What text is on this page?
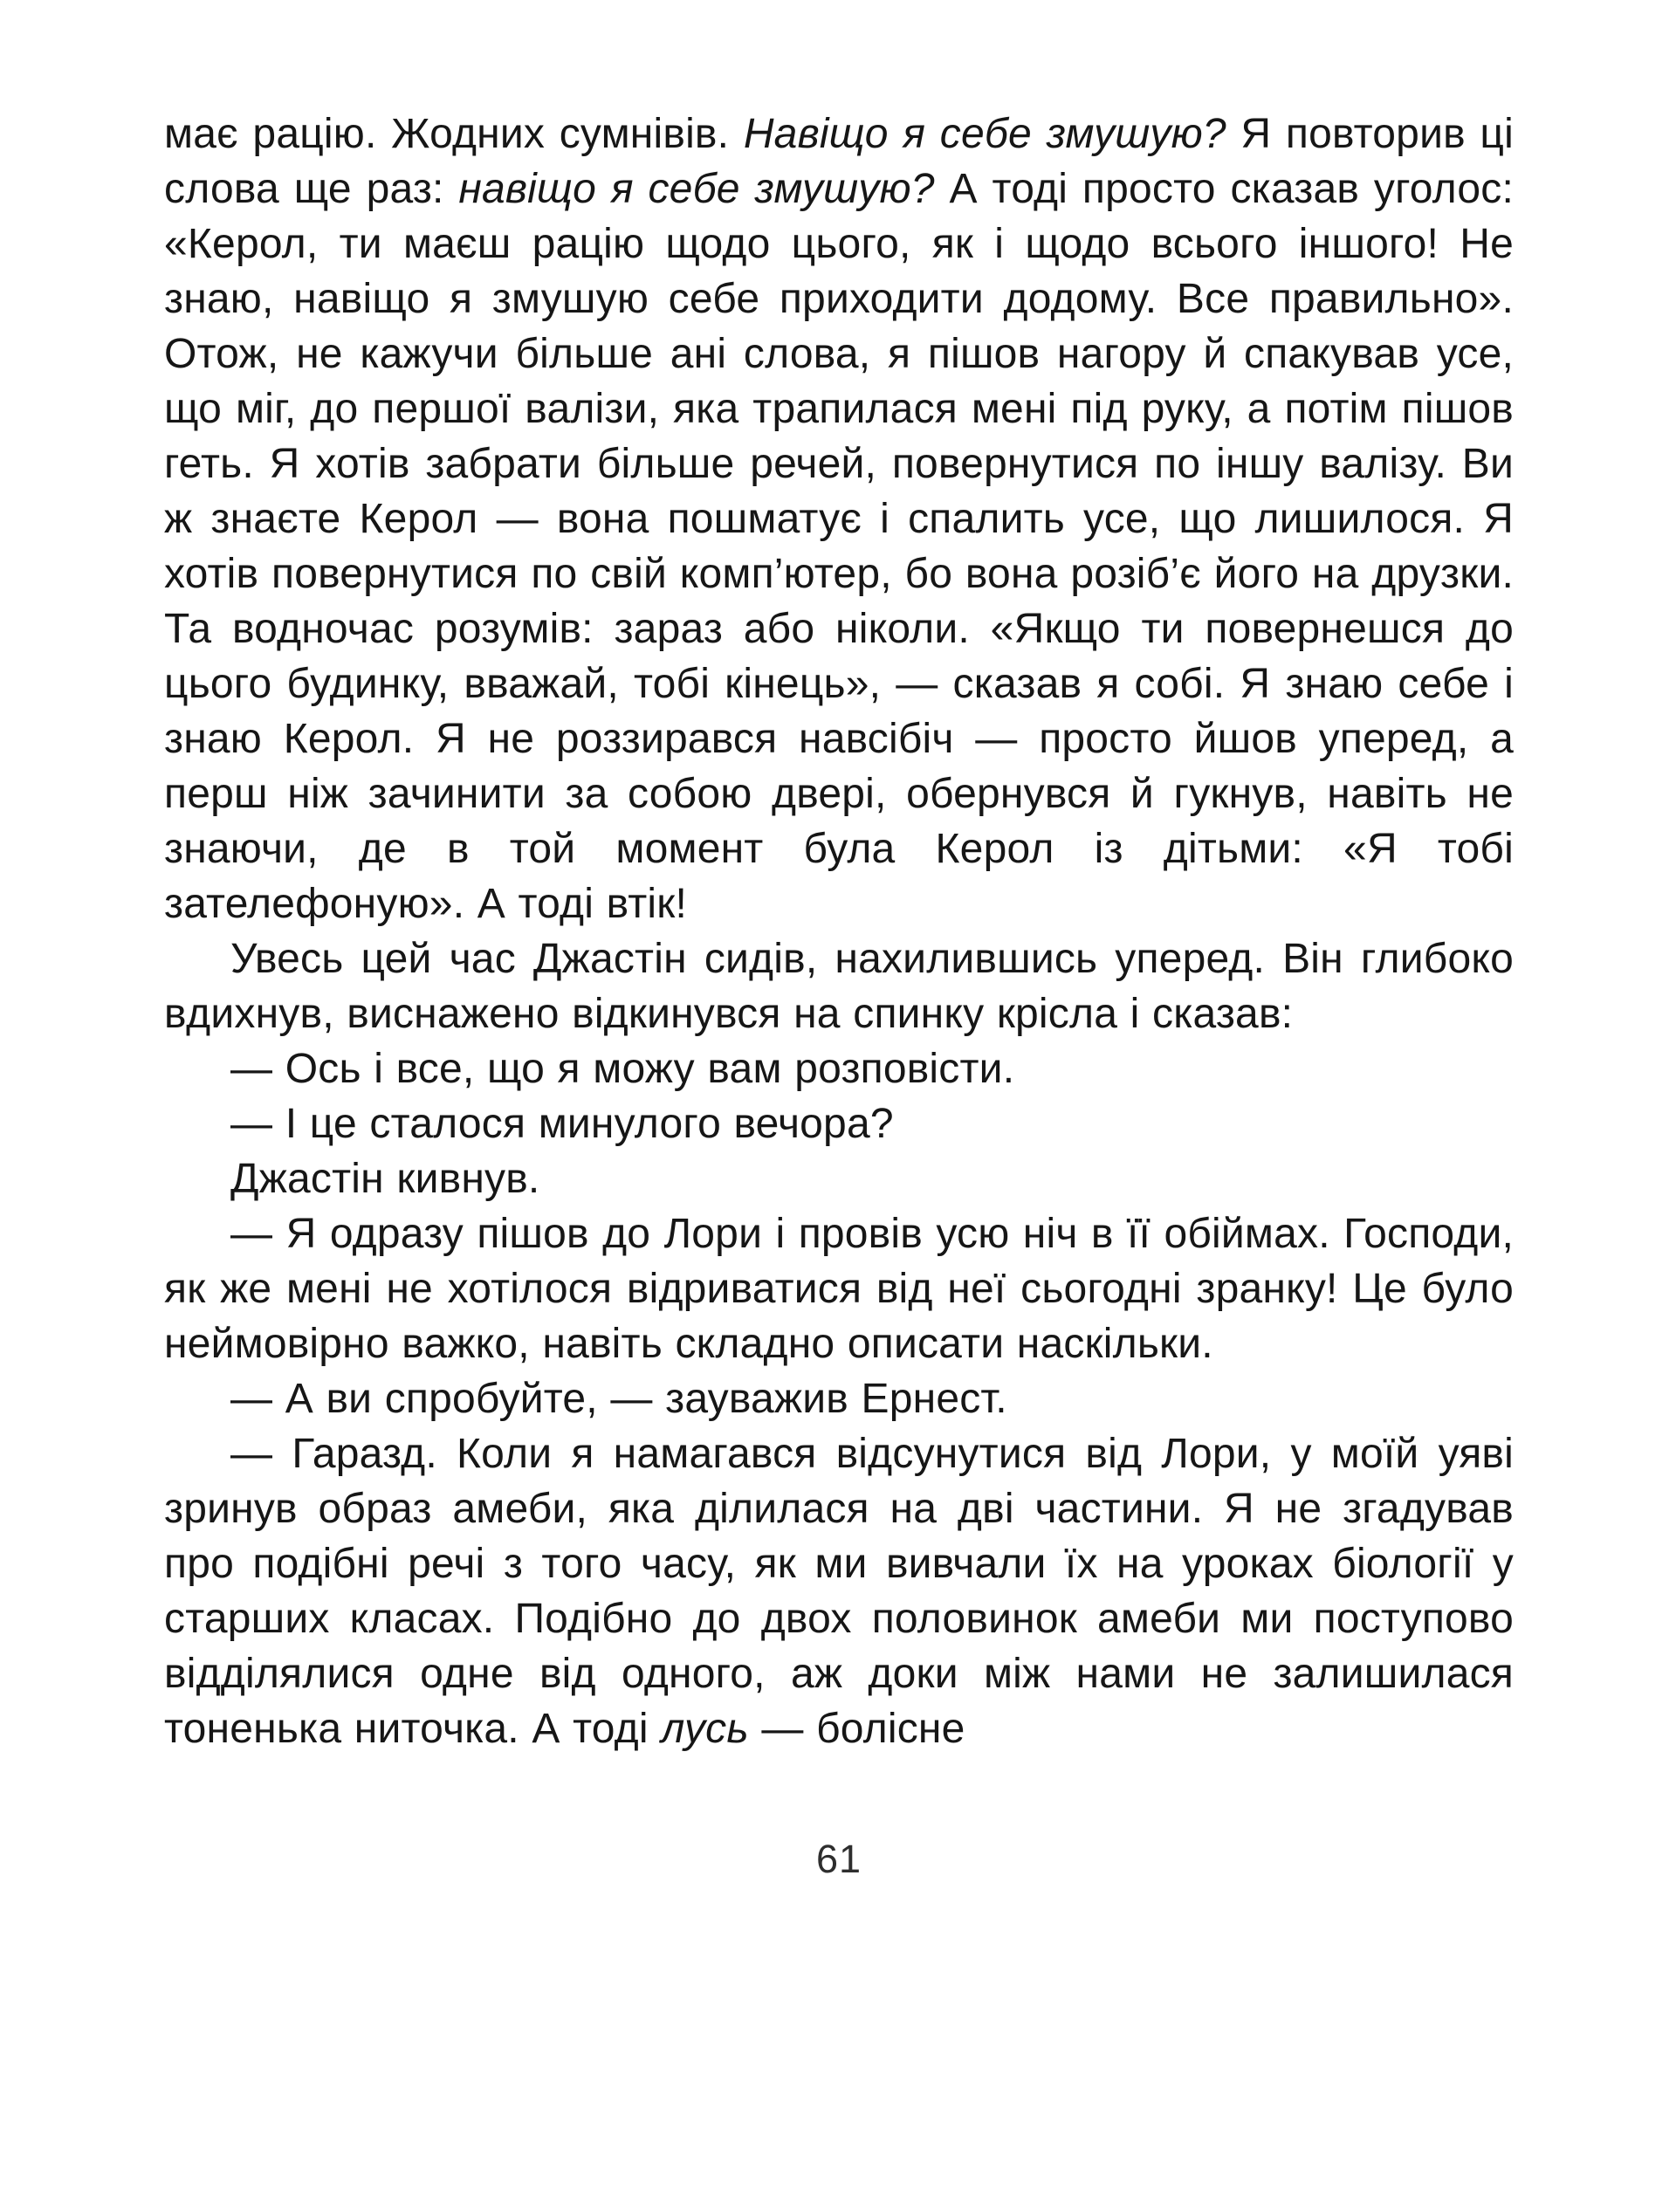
має рацію. Жодних сумнівів. Навіщо я себе змушую? Я повторив ці слова ще раз: навіщо я себе змушую? А тоді просто сказав уголос: «Керол, ти маєш рацію щодо цього, як і щодо всього іншого! Не знаю, навіщо я змушую себе приходити додому. Все правильно». Отож, не кажучи більше ані слова, я пішов нагору й спакував усе, що міг, до першої валізи, яка трапилася мені під руку, а потім пішов геть. Я хотів забрати більше речей, повернутися по іншу валізу. Ви ж знаєте Керол — вона пошматує і спалить усе, що лишилося. Я хотів повернутися по свій комп’ютер, бо вона розіб’є його на друзки. Та водночас розумів: зараз або ніколи. «Якщо ти повернешся до цього будинку, вважай, тобі кінець», — сказав я собі. Я знаю себе і знаю Керол. Я не роззирався навсібіч — просто йшов уперед, а перш ніж зачинити за собою двері, обернувся й гукнув, навіть не знаючи, де в той момент була Керол із дітьми: «Я тобі зателефоную». А тоді втік!

Увесь цей час Джастін сидів, нахилившись уперед. Він глибоко вдихнув, виснажено відкинувся на спинку крісла і сказав:

— Ось і все, що я можу вам розповісти.

— І це сталося минулого вечора?

Джастін кивнув.

— Я одразу пішов до Лори і провів усю ніч в її обіймах. Господи, як же мені не хотілося відриватися від неї сьогодні зранку! Це було неймовірно важко, навіть складно описати наскільки.

— А ви спробуйте, — зауважив Ернест.

— Гаразд. Коли я намагався відсунутися від Лори, у моїй уяві зринув образ амеби, яка ділилася на дві частини. Я не згадував про подібні речі з того часу, як ми вивчали їх на уроках біології у старших класах. Подібно до двох половинок амеби ми поступово відділялися одне від одного, аж доки між нами не залишилася тоненька ниточка. А тоді лусь — болісне

61
